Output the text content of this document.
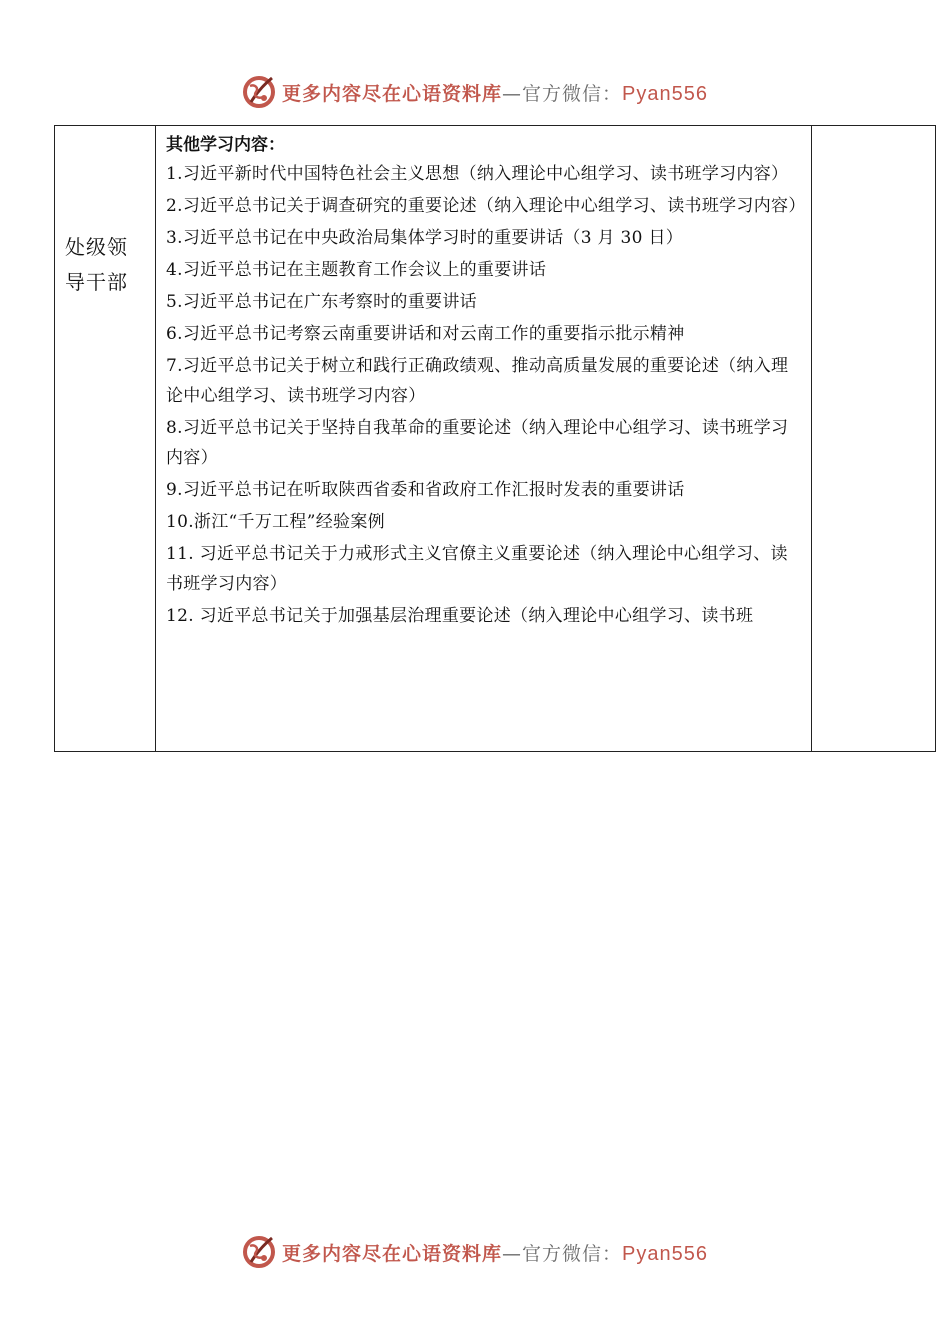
更多内容尽在心语资料库—官方微信：Pyan556
处级领导干部
其他学习内容：
1.习近平新时代中国特色社会主义思想（纳入理论中心组学习、读书班学习内容）
2.习近平总书记关于调查研究的重要论述（纳入理论中心组学习、读书班学习内容）
3.习近平总书记在中央政治局集体学习时的重要讲话（3 月 30 日）
4.习近平总书记在主题教育工作会议上的重要讲话
5.习近平总书记在广东考察时的重要讲话
6.习近平总书记考察云南重要讲话和对云南工作的重要指示批示精神
7.习近平总书记关于树立和践行正确政绩观、推动高质量发展的重要论述（纳入理论中心组学习、读书班学习内容）
8.习近平总书记关于坚持自我革命的重要论述（纳入理论中心组学习、读书班学习内容）
9.习近平总书记在听取陕西省委和省政府工作汇报时发表的重要讲话
10.浙江“千万工程”经验案例
11. 习近平总书记关于力戒形式主义官僚主义重要论述（纳入理论中心组学习、读书班学习内容）
12. 习近平总书记关于加强基层治理重要论述（纳入理论中心组学习、读书班
更多内容尽在心语资料库—官方微信：Pyan556
